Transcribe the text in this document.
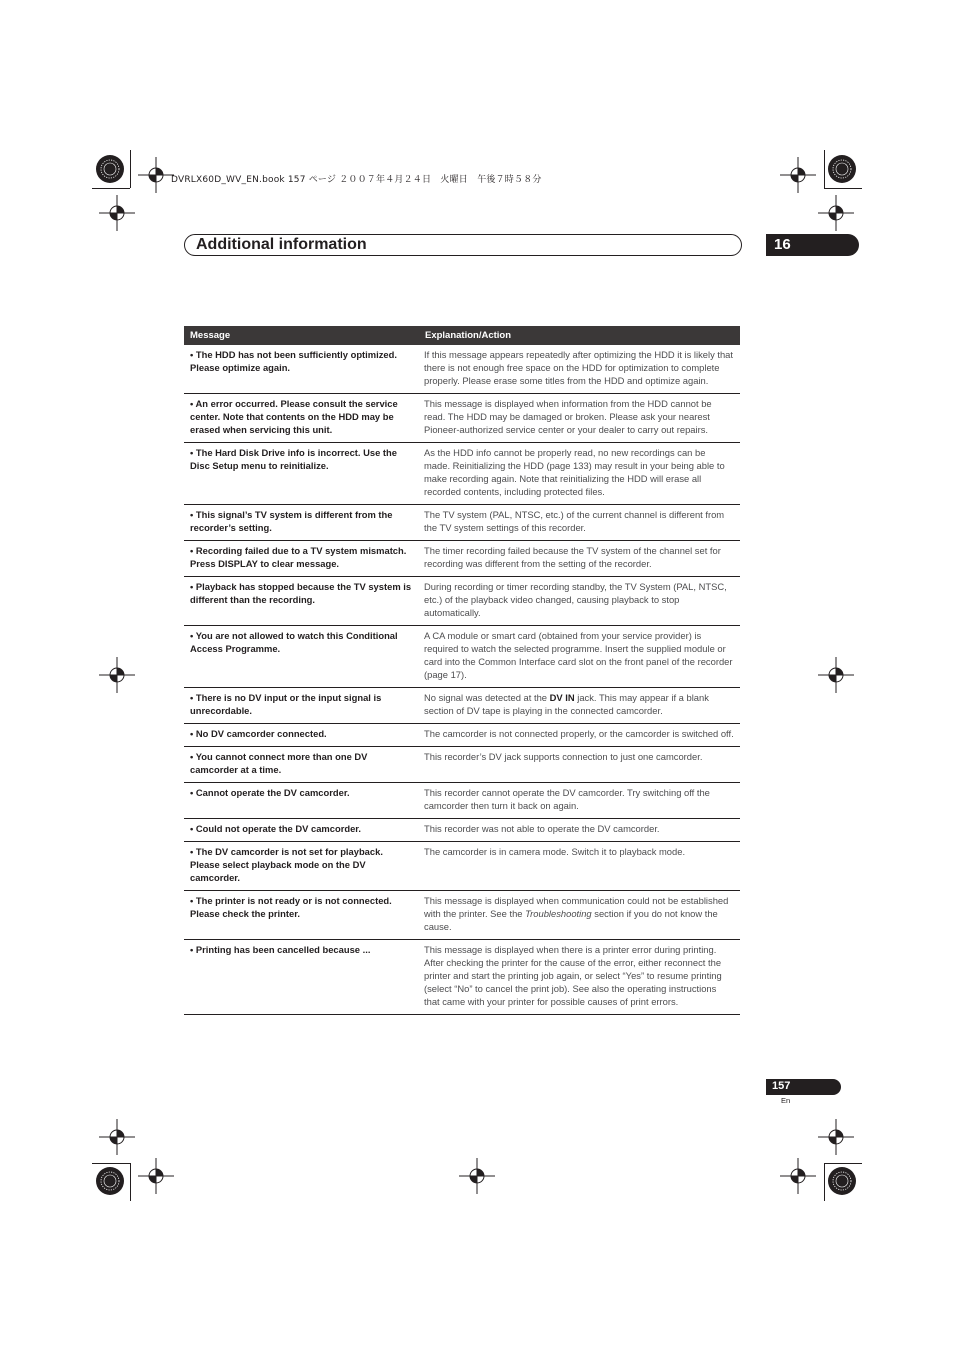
DVRLX60D_WV_EN.book 157 ページ ２００７年４月２４日　火曜日　午後７時５８分
Additional information	16
Message	Explanation/Action
• The HDD has not been sufficiently optimized. Please optimize again.	If this message appears repeatedly after optimizing the HDD it is likely that there is not enough free space on the HDD for optimization to complete properly. Please erase some titles from the HDD and optimize again.
• An error occurred. Please consult the service center. Note that contents on the HDD may be erased when servicing this unit.	This message is displayed when information from the HDD cannot be read. The HDD may be damaged or broken. Please ask your nearest Pioneer-authorized service center or your dealer to carry out repairs.
• The Hard Disk Drive info is incorrect. Use the Disc Setup menu to reinitialize.	As the HDD info cannot be properly read, no new recordings can be made. Reinitializing the HDD (page 133) may result in your being able to make recording again. Note that reinitializing the HDD will erase all recorded contents, including protected files.
• This signal’s TV system is different from the recorder’s setting.	The TV system (PAL, NTSC, etc.) of the current channel is different from the TV system settings of this recorder.
• Recording failed due to a TV system mismatch. Press DISPLAY to clear message.	The timer recording failed because the TV system of the channel set for recording was different from the setting of the recorder.
• Playback has stopped because the TV system is different than the recording.	During recording or timer recording standby, the TV System (PAL, NTSC, etc.) of the playback video changed, causing playback to stop automatically.
• You are not allowed to watch this Conditional Access Programme.	A CA module or smart card (obtained from your service provider) is required to watch the selected programme. Insert the supplied module or card into the Common Interface card slot on the front panel of the recorder (page 17).
• There is no DV input or the input signal is unrecordable.	No signal was detected at the DV IN jack. This may appear if a blank section of DV tape is playing in the connected camcorder.
• No DV camcorder connected.	The camcorder is not connected properly, or the camcorder is switched off.
• You cannot connect more than one DV camcorder at a time.	This recorder’s DV jack supports connection to just one camcorder.
• Cannot operate the DV camcorder.	This recorder cannot operate the DV camcorder. Try switching off the camcorder then turn it back on again.
• Could not operate the DV camcorder.	This recorder was not able to operate the DV camcorder.
• The DV camcorder is not set for playback. Please select playback mode on the DV camcorder.	The camcorder is in camera mode. Switch it to playback mode.
• The printer is not ready or is not connected. Please check the printer.	This message is displayed when communication could not be established with the printer. See the Troubleshooting section if you do not know the cause.
• Printing has been cancelled because ...	This message is displayed when there is a printer error during printing. After checking the printer for the cause of the error, either reconnect the printer and start the printing job again, or select “Yes” to resume printing (select “No” to cancel the print job). See also the operating instructions that came with your printer for possible causes of print errors.
157
En
